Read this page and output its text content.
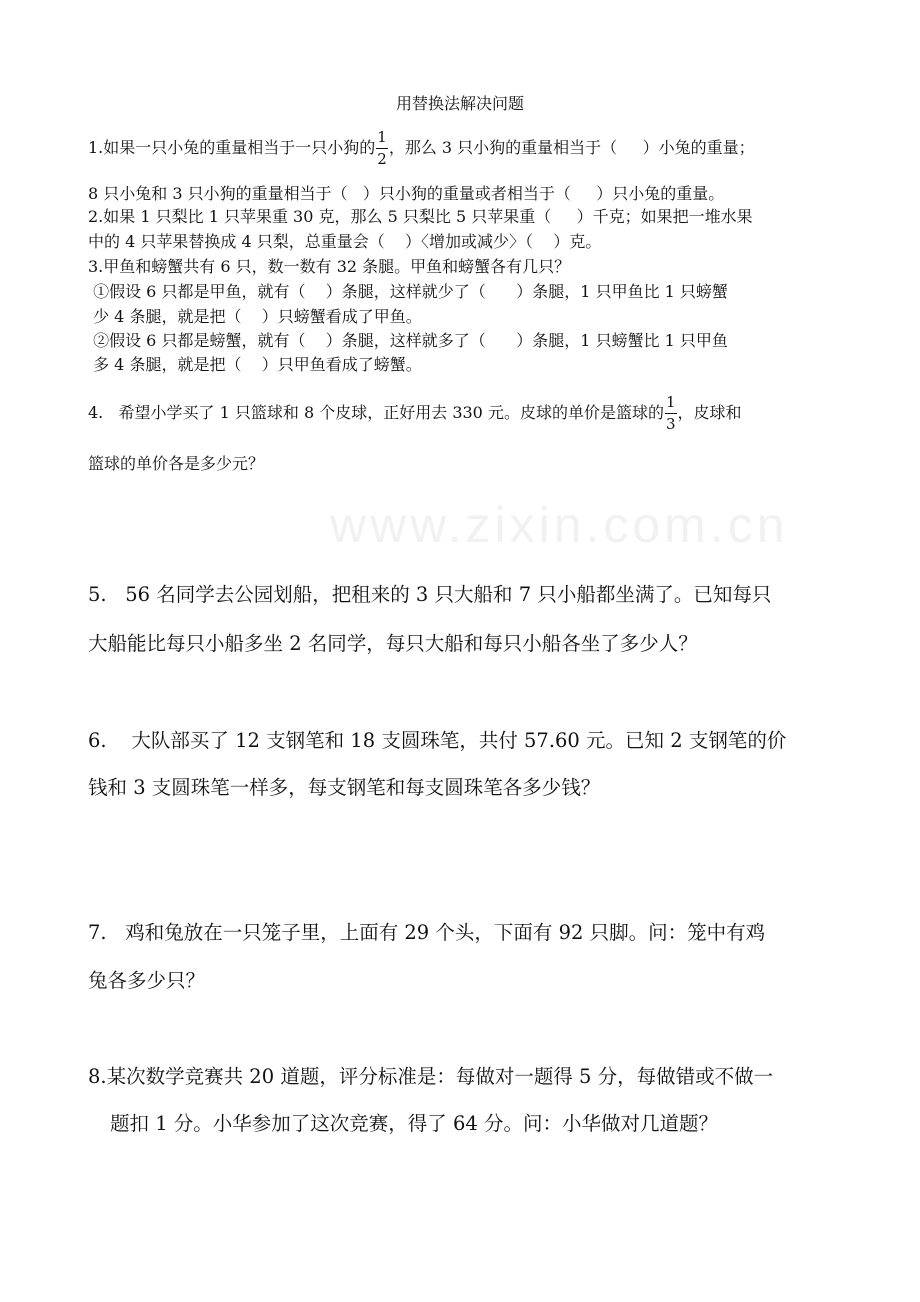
用替换法解决问题
1.如果一只小兔的重量相当于一只小狗的 $\frac{1}{2}$ ，那么 3 只小狗的重量相当于（     ）小兔的重量；
8 只小兔和 3 只小狗的重量相当于（   ）只小狗的重量或者相当于（     ）只小兔的重量。
2.如果 1 只梨比 1 只苹果重 30 克，那么 5 只梨比 5 只苹果重（     ）千克；如果把一堆水果
中的 4 只苹果替换成 4 只梨，总重量会（    ）〈增加或减少〉（    ）克。
3.甲鱼和螃蟹共有 6 只，数一数有 32 条腿。甲鱼和螃蟹各有几只？
①假设 6 只都是甲鱼，就有（    ）条腿，这样就少了（      ）条腿，1 只甲鱼比 1 只螃蟹
少 4 条腿，就是把（    ）只螃蟹看成了甲鱼。
②假设 6 只都是螃蟹，就有（    ）条腿，这样就多了（      ）条腿，1 只螃蟹比 1 只甲鱼
多 4 条腿，就是把（    ）只甲鱼看成了螃蟹。
4.   希望小学买了 1 只篮球和 8 个皮球，正好用去 330 元。皮球的单价是篮球的 $\frac{1}{3}$ ，皮球和
篮球的单价各是多少元？
www.zixin.com.cn
5.   56 名同学去公园划船，把租来的 3 只大船和 7 只小船都坐满了。已知每只
大船能比每只小船多坐 2 名同学，每只大船和每只小船各坐了多少人？
6.    大队部买了 12 支钢笔和 18 支圆珠笔，共付 57.60 元。已知 2 支钢笔的价
钱和 3 支圆珠笔一样多，每支钢笔和每支圆珠笔各多少钱？
7.   鸡和兔放在一只笼子里，上面有 29 个头，下面有 92 只脚。问：笼中有鸡
兔各多少只？
8.某次数学竞赛共 20 道题，评分标准是：每做对一题得 5 分，每做错或不做一
题扣 1 分。小华参加了这次竞赛，得了 64 分。问：小华做对几道题？
